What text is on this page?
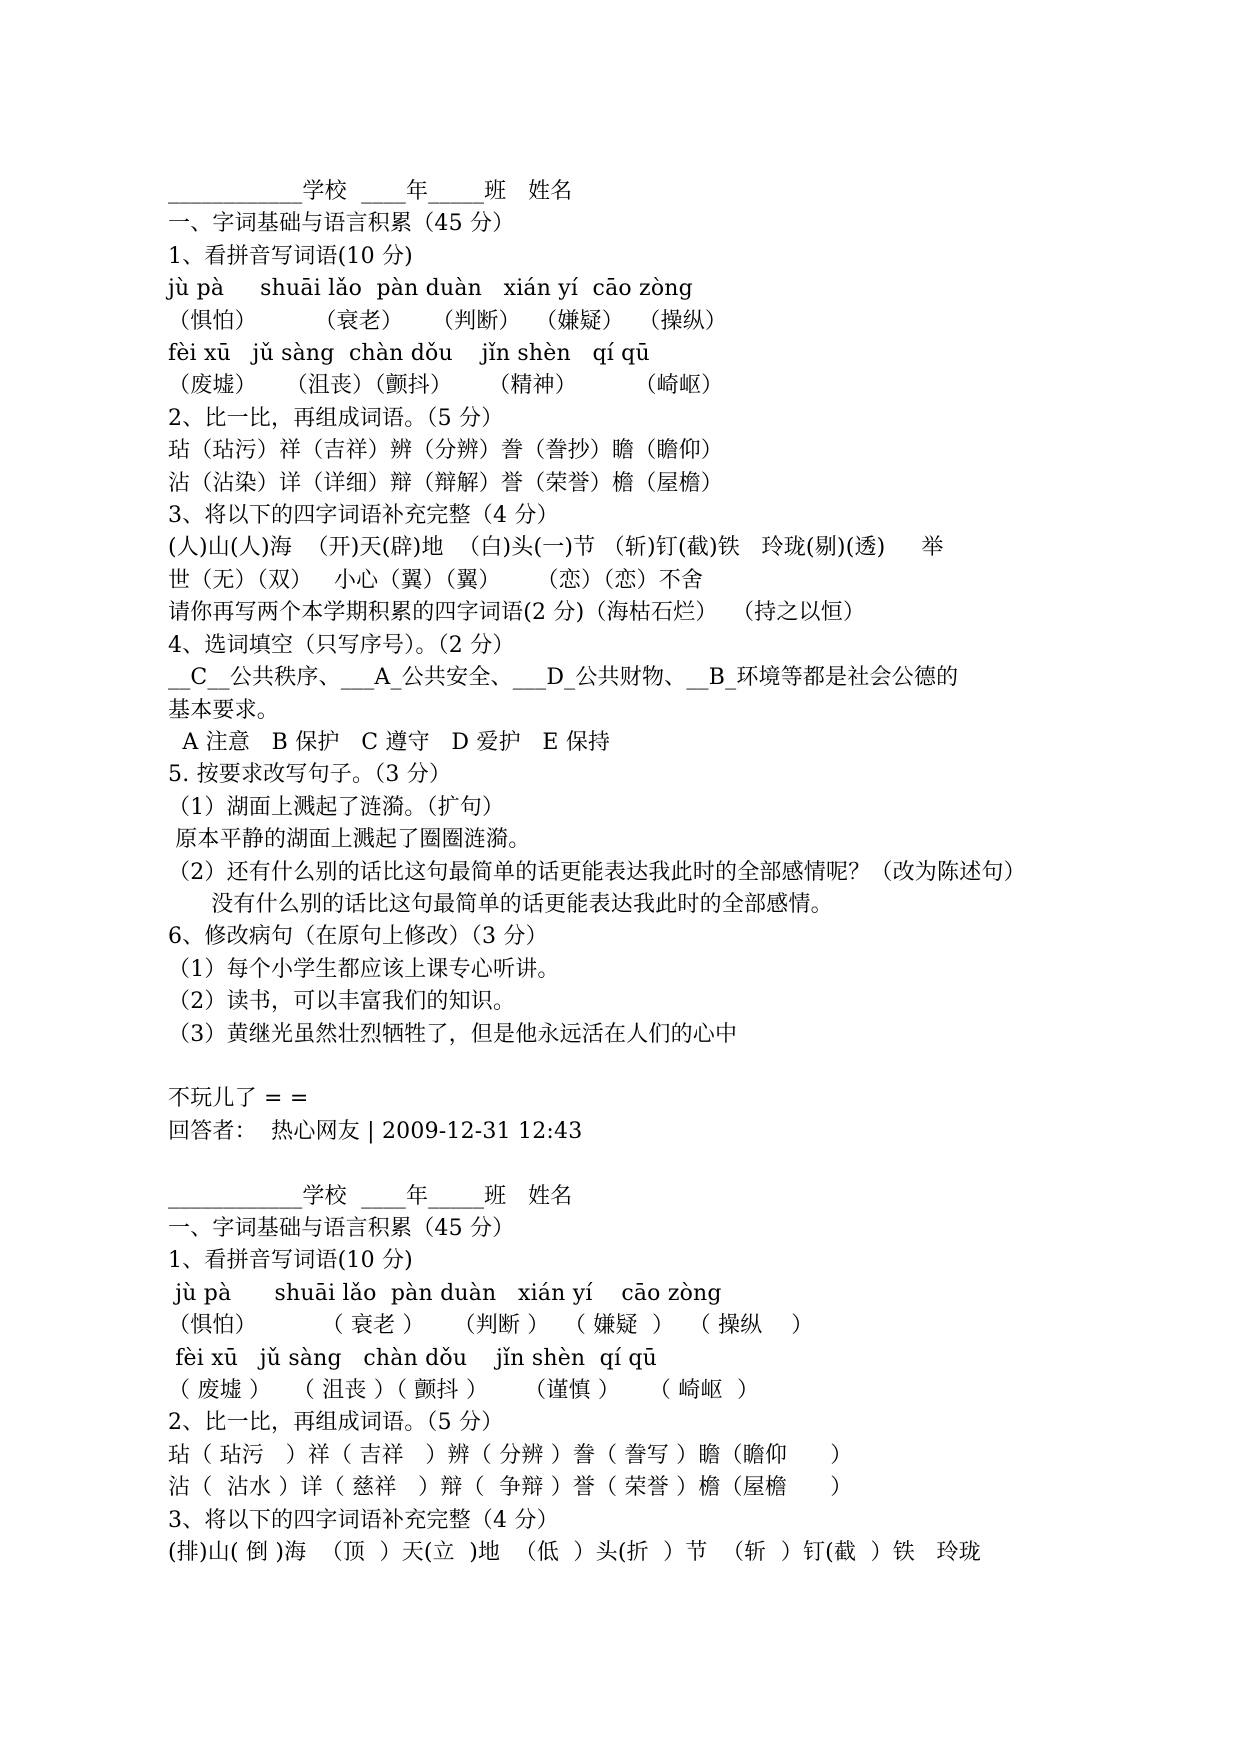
____________学校  ____年_____班   姓名
一、字词基础与语言积累（45 分）
1、看拼音写词语(10 分)
jù pà     shuāi lǎo  pàn duàn   xián yí  cāo zòng
（惧怕）        （衰老）    （判断）  （嫌疑）  （操纵）
fèi xū   jǔ sàng  chàn dǒu    jǐn shèn   qí qū
（废墟）    （沮丧）（颤抖）     （精神）        （崎岖）
2、比一比，再组成词语。（5 分）
玷（玷污）祥（吉祥）辨（分辨）誊（誊抄）瞻（瞻仰）
沾（沾染）详（详细）辩（辩解）誉（荣誉）檐（屋檐）
3、将以下的四字词语补充完整（4 分）
(人)山(人)海  （开)天(辟)地  （白)头(一)节 （斩)钉(截)铁   玲珑(剔)(透)     举
世（无）（双）   小心（翼）（翼）     （恋）（恋）不舍
请你再写两个本学期积累的四字词语(2 分)（海枯石烂）  （持之以恒）
4、选词填空（只写序号）。（2 分）
__C__公共秩序、___A_公共安全、___D_公共财物、__B_环境等都是社会公德的
基本要求。
A 注意   B 保护   C 遵守   D 爱护   E 保持
5. 按要求改写句子。（3 分）
（1）湖面上溅起了涟漪。（扩句）
原本平静的湖面上溅起了圈圈涟漪。
（2）还有什么别的话比这句最简单的话更能表达我此时的全部感情呢？（改为陈述句）
没有什么别的话比这句最简单的话更能表达我此时的全部感情。
6、修改病句（在原句上修改）（3 分）
（1）每个小学生都应该上课专心听讲。
（2）读书，可以丰富我们的知识。
（3）黄继光虽然壮烈牺牲了，但是他永远活在人们的心中

不玩儿了 = =
回答者：  热心网友 | 2009-12-31 12:43

____________学校  ____年_____班   姓名
一、字词基础与语言积累（45 分）
1、看拼音写词语(10 分)
jù pà      shuāi lǎo  pàn duàn   xián yí    cāo zòng
（惧怕）         （ 衰老 ）    （判断 ）  （ 嫌疑  ）  （ 操纵    ）
fèi xū   jǔ sàng   chàn dǒu    jǐn shèn  qí qū
（ 废墟 ）   （ 沮丧 ）（ 颤抖 ）     （谨慎 ）    （ 崎岖  ）
2、比一比，再组成词语。（5 分）
玷（ 玷污   ）祥（ 吉祥   ）辨（ 分辨 ）誊（ 誊写 ）瞻（瞻仰      ）
沾（  沾水 ）详（ 慈祥   ）辩（  争辩 ）誉（ 荣誉 ）檐（屋檐      ）
3、将以下的四字词语补充完整（4 分）
(排)山( 倒 )海  （顶  ）天(立  )地  （低  ）头(折  ）节  （斩  ）钉(截  ）铁   玲珑
